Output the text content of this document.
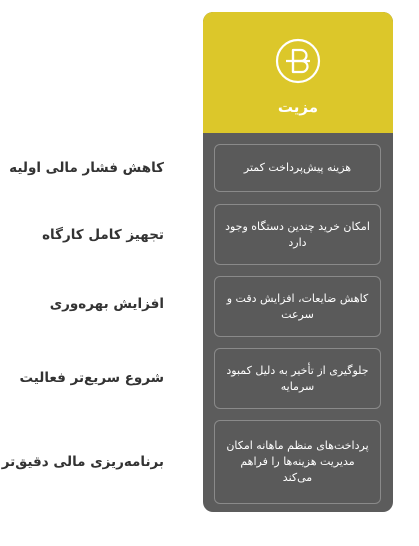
مزیت
هزینه پیش‌پرداخت کمتر
امکان خرید چندین دستگاه وجود دارد
کاهش ضایعات، افزایش دقت و سرعت
جلوگیری از تأخیر به دلیل کمبود سرمایه
پرداخت‌های منظم ماهانه امکان مدیریت هزینه‌ها را فراهم می‌کند
کاهش فشار مالی اولیه
تجهیز کامل کارگاه
افزایش بهره‌وری
شروع سریع‌تر فعالیت
برنامه‌ریزی مالی دقیق‌تر
